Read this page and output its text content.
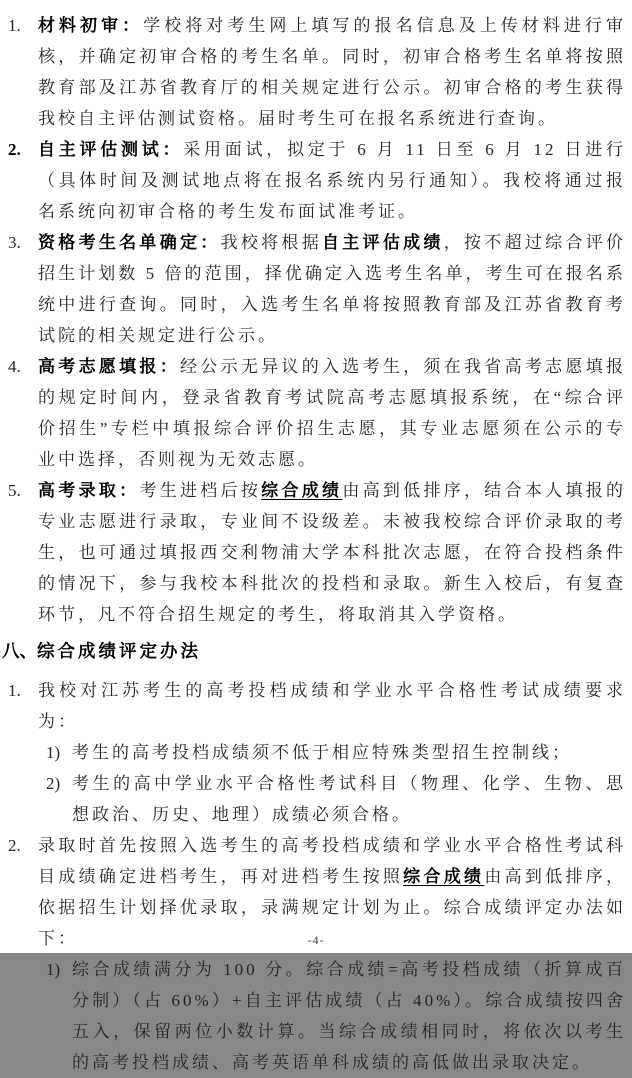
1. 材料初审：学校将对考生网上填写的报名信息及上传材料进行审核，并确定初审合格的考生名单。同时，初审合格考生名单将按照教育部及江苏省教育厅的相关规定进行公示。初审合格的考生获得我校自主评估测试资格。届时考生可在报名系统进行查询。
2. 自主评估测试：采用面试，拟定于 6 月 11 日至 6 月 12 日进行（具体时间及测试地点将在报名系统内另行通知）。我校将通过报名系统向初审合格的考生发布面试准考证。
3. 资格考生名单确定：我校将根据自主评估成绩，按不超过综合评价招生计划数 5 倍的范围，择优确定入选考生名单，考生可在报名系统中进行查询。同时，入选考生名单将按照教育部及江苏省教育考试院的相关规定进行公示。
4. 高考志愿填报：经公示无异议的入选考生，须在我省高考志愿填报的规定时间内，登录省教育考试院高考志愿填报系统，在“综合评价招生”专栏中填报综合评价招生志愿，其专业志愿须在公示的专业中选择，否则视为无效志愿。
5. 高考录取：考生进档后按综合成绩由高到低排序，结合本人填报的专业志愿进行录取，专业间不设级差。未被我校综合评价录取的考生，也可通过填报西交利物浦大学本科批次志愿，在符合投档条件的情况下，参与我校本科批次的投档和录取。新生入校后，有复查环节，凡不符合招生规定的考生，将取消其入学资格。
八、综合成绩评定办法
1. 我校对江苏考生的高考投档成绩和学业水平合格性考试成绩要求为：
1) 考生的高考投档成绩须不低于相应特殊类型招生控制线；
2) 考生的高中学业水平合格性考试科目（物理、化学、生物、思想政治、历史、地理）成绩必须合格。
2. 录取时首先按照入选考生的高考投档成绩和学业水平合格性考试科目成绩确定进档考生，再对进档考生按照综合成绩由高到低排序，依据招生计划择优录取，录满规定计划为止。综合成绩评定办法如下：
1) 综合成绩满分为 100 分。综合成绩=高考投档成绩（折算成百分制）（占 60%）+自主评估成绩（占 40%）。综合成绩按四舍五入，保留两位小数计算。当综合成绩相同时，将依次以考生的高考投档成绩、高考英语单科成绩的高低做出录取决定。
-4-
